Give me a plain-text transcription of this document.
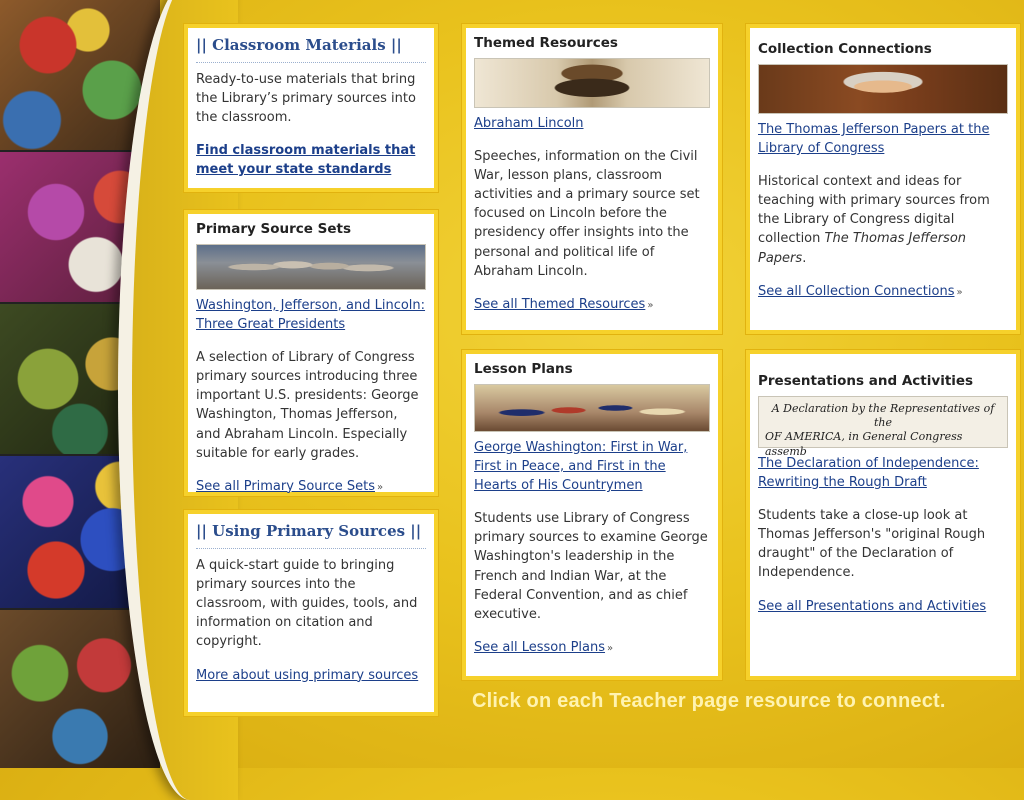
|| Classroom Materials ||

Ready-to-use materials that bring the Library’s primary sources into the classroom.

Find classroom materials that meet your state standards
Primary Source Sets
Washington, Jefferson, and Lincoln: Three Great Presidents

A selection of Library of Congress primary sources introducing three important U.S. presidents: George Washington, Thomas Jefferson, and Abraham Lincoln. Especially suitable for early grades.

See all Primary Source Sets »
|| Using Primary Sources ||

A quick-start guide to bringing primary sources into the classroom, with guides, tools, and information on citation and copyright.

More about using primary sources
Themed Resources
Abraham Lincoln

Speeches, information on the Civil War, lesson plans, classroom activities and a primary source set focused on Lincoln before the presidency offer insights into the personal and political life of Abraham Lincoln.

See all Themed Resources »
Lesson Plans
George Washington: First in War, First in Peace, and First in the Hearts of His Countrymen

Students use Library of Congress primary sources to examine George Washington's leadership in the French and Indian War, at the Federal Convention, and as chief executive.

See all Lesson Plans »
Collection Connections
The Thomas Jefferson Papers at the Library of Congress

Historical context and ideas for teaching with primary sources from the Library of Congress digital collection The Thomas Jefferson Papers.

See all Collection Connections »
Presentations and Activities
A Declaration by the Representatives of the
OF AMERICA, in General Congress assemb
The Declaration of Independence: Rewriting the Rough Draft

Students take a close-up look at Thomas Jefferson's "original Rough draught" of the Declaration of Independence.

See all Presentations and Activities
Click on each Teacher page resource to connect.
